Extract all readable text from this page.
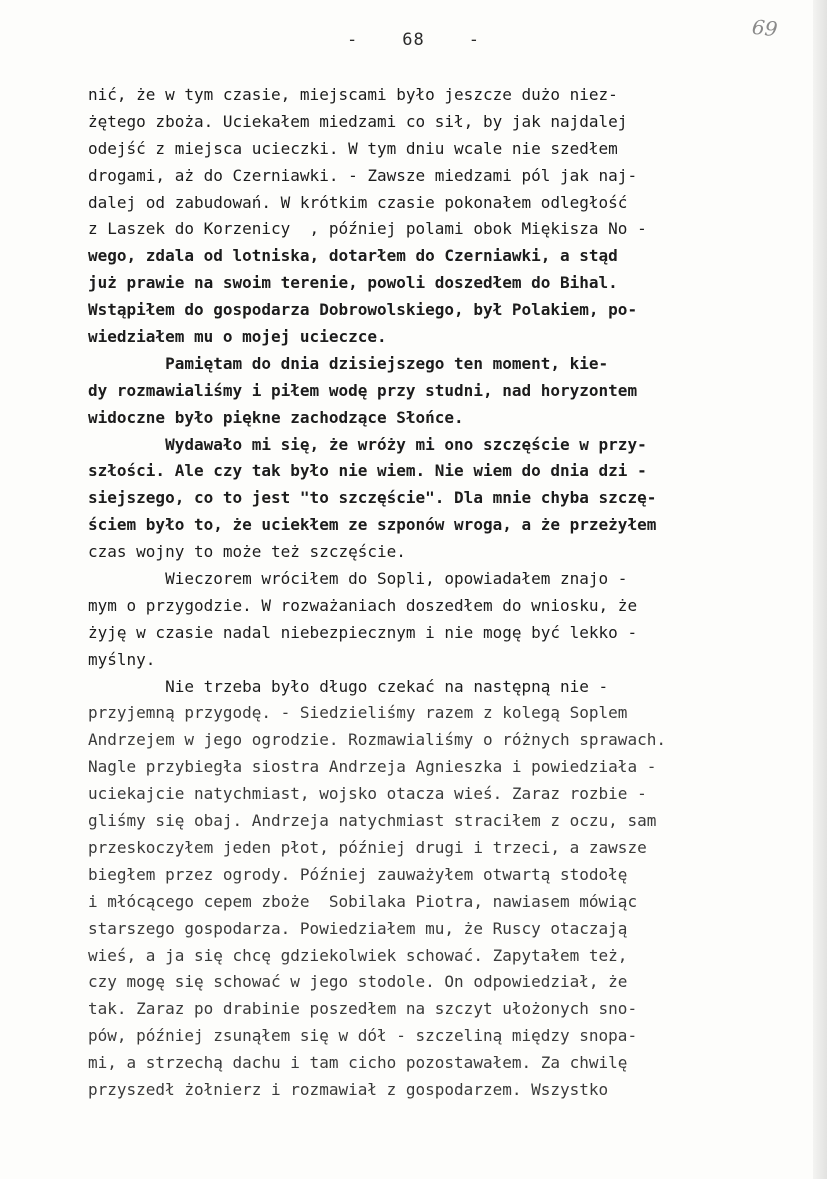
-	68	-	69
nić, że w tym czasie, miejscami było jeszcze dużo niez-
żętego zboża. Uciekałem miedzami co sił, by jak najdalej
odejść z miejsca ucieczki. W tym dniu wcale nie szedłem
drogami, aż do Czerniawki. - Zawsze miedzami pól jak naj-
dalej od zabudowań. W krótkim czasie pokonałem odległość
z Laszek do Korzenicy  , później polami obok Miękisza No -
wego, zdala od lotniska, dotarłem do Czerniawki, a stąd
już prawie na swoim terenie, powoli doszedłem do Bihal.
Wstąpiłem do gospodarza Dobrowolskiego, był Polakiem, po-
wiedziałem mu o mojej ucieczce.
Pamiętam do dnia dzisiejszego ten moment, kie-
dy rozmawialiśmy i piłem wodę przy studni, nad horyzontem
widoczne było piękne zachodzące Słońce.
Wydawało mi się, że wróży mi ono szczęście w przy-
szłości. Ale czy tak było nie wiem. Nie wiem do dnia dzi -
siejszego, co to jest "to szczęście". Dla mnie chyba szczę-
ściem było to, że uciekłem ze szponów wroga, a że przeżyłem
czas wojny to może też szczęście.
Wieczorem wróciłem do Sopli, opowiadałem znajo -
mym o przygodzie. W rozważaniach doszedłem do wniosku, że
żyję w czasie nadal niebezpiecznym i nie mogę być lekko -
myślny.
Nie trzeba było długo czekać na następną nie -
przyjemną przygodę. - Siedzieliśmy razem z kolegą Soplem
Andrzejem w jego ogrodzie. Rozmawialiśmy o różnych sprawach.
Nagle przybiegła siostra Andrzeja Agnieszka i powiedziała -
uciekajcie natychmiast, wojsko otacza wieś. Zaraz rozbie -
gliśmy się obaj. Andrzeja natychmiast straciłem z oczu, sam
przeskoczyłem jeden płot, później drugi i trzeci, a zawsze
biegłem przez ogrody. Później zauważyłem otwartą stodołę
i młócącego cepem zboże  Sobilaka Piotra, nawiasem mówiąc
starszego gospodarza. Powiedziałem mu, że Ruscy otaczają
wieś, a ja się chcę gdziekolwiek schować. Zapytałem też,
czy mogę się schować w jego stodole. On odpowiedział, że
tak. Zaraz po drabinie poszedłem na szczyt ułożonych sno-
pów, później zsunąłem się w dół - szczeliną między snopa-
mi, a strzechą dachu i tam cicho pozostawałem. Za chwilę
przyszedł żołnierz i rozmawiał z gospodarzem. Wszystko
